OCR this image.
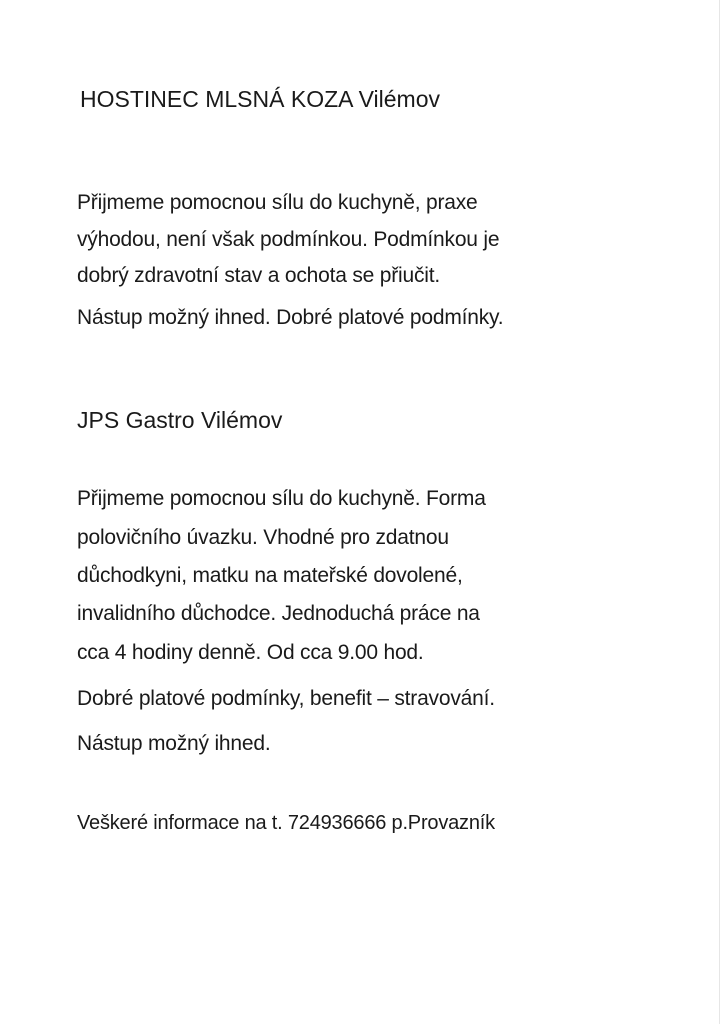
HOSTINEC MLSNÁ KOZA Vilémov
Přijmeme pomocnou sílu do kuchyně, praxe
výhodou, není však podmínkou. Podmínkou je
dobrý zdravotní stav a ochota se přiučit.
Nástup možný ihned. Dobré platové podmínky.
JPS Gastro Vilémov
Přijmeme pomocnou sílu do kuchyně. Forma
polovičního úvazku. Vhodné pro zdatnou
důchodkyni, matku na mateřské dovolené,
invalidního důchodce. Jednoduchá práce na
cca 4 hodiny denně. Od cca 9.00 hod.
Dobré platové podmínky, benefit – stravování.
Nástup možný ihned.
Veškeré informace na t. 724936666 p.Provazník
